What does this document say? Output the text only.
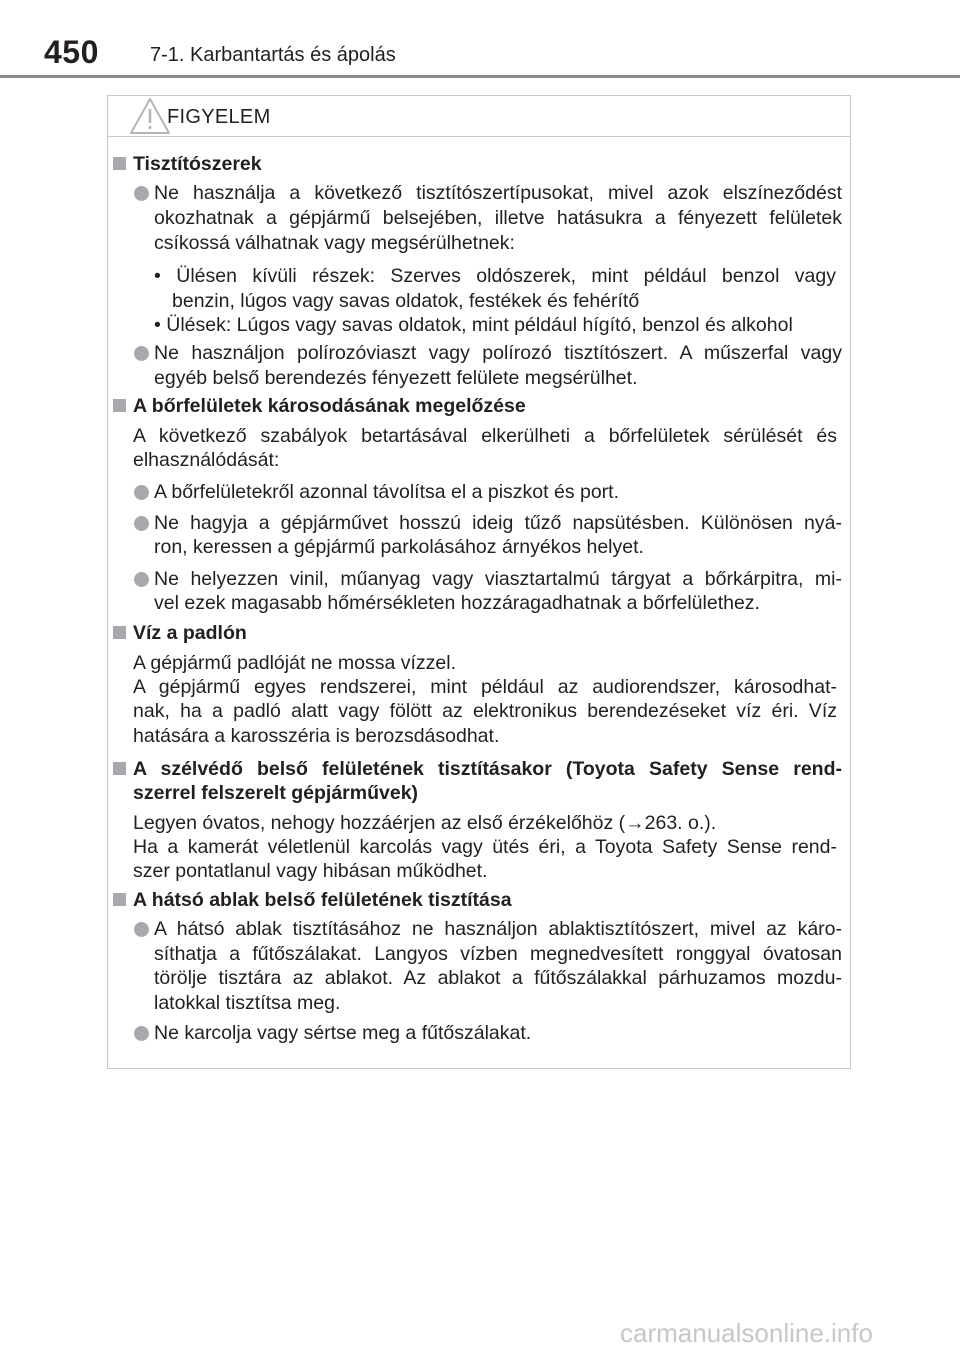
450	7-1. Karbantartás és ápolás
FIGYELEM
Tisztítószerek
Ne használja a következő tisztítószertípusokat, mivel azok elszíneződést
okozhatnak a gépjármű belsejében, illetve hatásukra a fényezett felületek
csíkossá válhatnak vagy megsérülhetnek:
• Ülésen kívüli részek: Szerves oldószerek, mint például benzol vagy
benzin, lúgos vagy savas oldatok, festékek és fehérítő
• Ülések: Lúgos vagy savas oldatok, mint például hígító, benzol és alkohol
Ne használjon polírozóviaszt vagy polírozó tisztítószert. A műszerfal vagy
egyéb belső berendezés fényezett felülete megsérülhet.
A bőrfelületek károsodásának megelőzése
A következő szabályok betartásával elkerülheti a bőrfelületek sérülését és
elhasználódását:
A bőrfelületekről azonnal távolítsa el a piszkot és port.
Ne hagyja a gépjárművet hosszú ideig tűző napsütésben. Különösen nyá-
ron, keressen a gépjármű parkolásához árnyékos helyet.
Ne helyezzen vinil, műanyag vagy viasztartalmú tárgyat a bőrkárpitra, mi-
vel ezek magasabb hőmérsékleten hozzáragadhatnak a bőrfelülethez.
Víz a padlón
A gépjármű padlóját ne mossa vízzel.
A gépjármű egyes rendszerei, mint például az audiorendszer, károsodhat-
nak, ha a padló alatt vagy fölött az elektronikus berendezéseket víz éri. Víz
hatására a karosszéria is berozsdásodhat.
A szélvédő belső felületének tisztításakor (Toyota Safety Sense rend-
szerrel felszerelt gépjárművek)
Legyen óvatos, nehogy hozzáérjen az első érzékelőhöz (→263. o.).
Ha a kamerát véletlenül karcolás vagy ütés éri, a Toyota Safety Sense rend-
szer pontatlanul vagy hibásan működhet.
A hátsó ablak belső felületének tisztítása
A hátsó ablak tisztításához ne használjon ablaktisztítószert, mivel az káro-
síthatja a fűtőszálakat. Langyos vízben megnedvesített ronggyal óvatosan
törölje tisztára az ablakot. Az ablakot a fűtőszálakkal párhuzamos mozdu-
latokkal tisztítsa meg.
Ne karcolja vagy sértse meg a fűtőszálakat.
carmanualsonline.info
